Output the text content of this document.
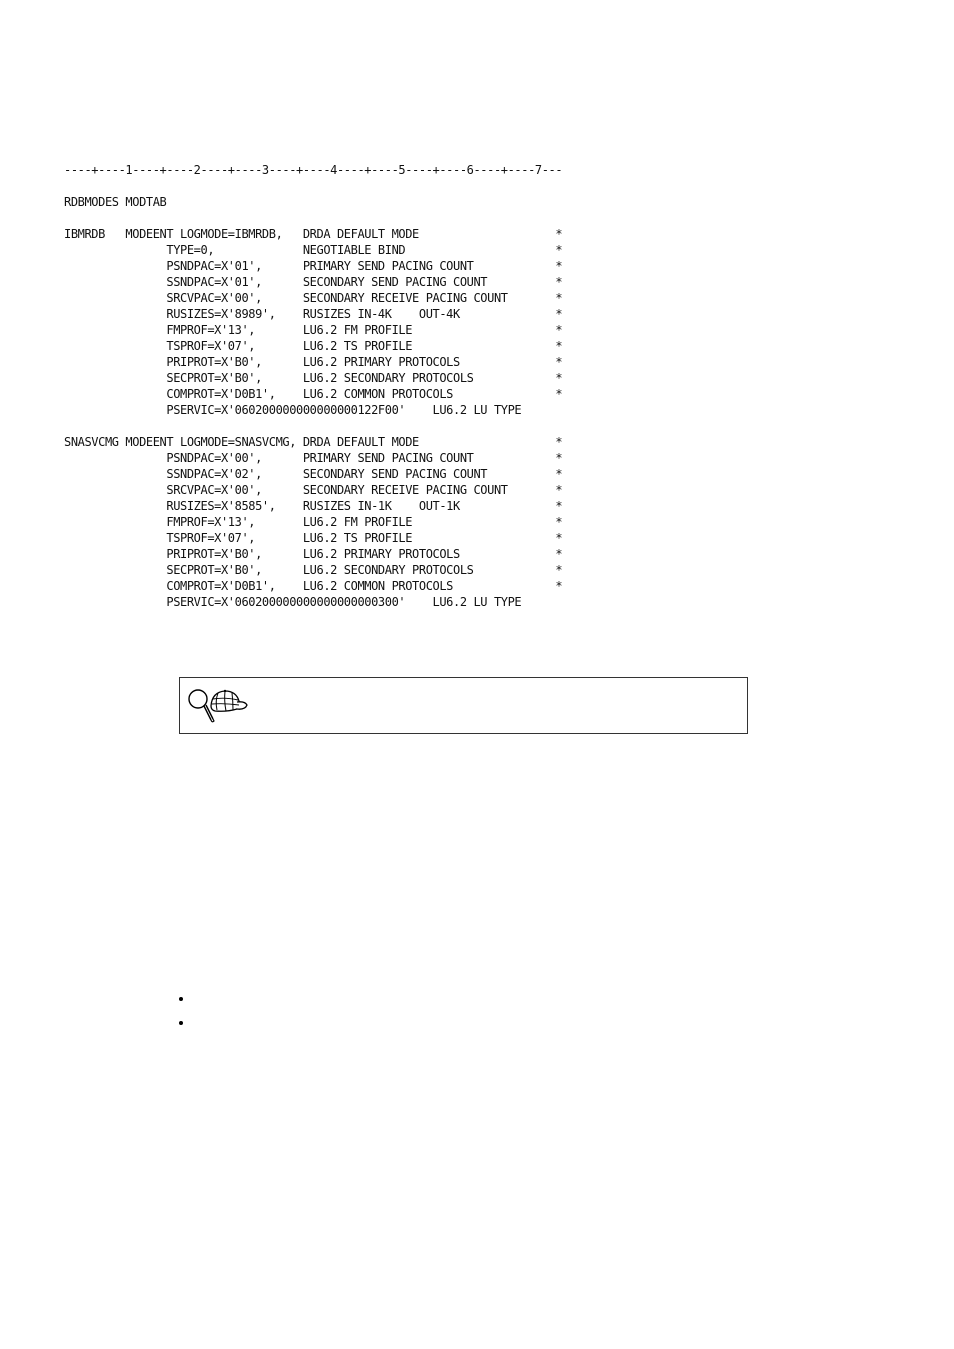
----+----1----+----2----+----3----+----4----+----5----+----6----+----7---
RDBMODES MODTAB
IBMRDB   MODEENT LOGMODE=IBMRDB,   DRDA DEFAULT MODE                    *
TYPE=0,             NEGOTIABLE BIND                      *
PSNDPAC=X'01',      PRIMARY SEND PACING COUNT            *
SSNDPAC=X'01',      SECONDARY SEND PACING COUNT          *
SRCVPAC=X'00',      SECONDARY RECEIVE PACING COUNT       *
RUSIZES=X'8989',    RUSIZES IN-4K    OUT-4K              *
FMPROF=X'13',       LU6.2 FM PROFILE                     *
TSPROF=X'07',       LU6.2 TS PROFILE                     *
PRIPROT=X'B0',      LU6.2 PRIMARY PROTOCOLS              *
SECPROT=X'B0',      LU6.2 SECONDARY PROTOCOLS            *
COMPROT=X'D0B1',    LU6.2 COMMON PROTOCOLS               *
PSERVIC=X'060200000000000000122F00'    LU6.2 LU TYPE
SNASVCMG MODEENT LOGMODE=SNASVCMG, DRDA DEFAULT MODE                    *
PSNDPAC=X'00',      PRIMARY SEND PACING COUNT            *
SSNDPAC=X'02',      SECONDARY SEND PACING COUNT          *
SRCVPAC=X'00',      SECONDARY RECEIVE PACING COUNT       *
RUSIZES=X'8585',    RUSIZES IN-1K    OUT-1K              *
FMPROF=X'13',       LU6.2 FM PROFILE                     *
TSPROF=X'07',       LU6.2 TS PROFILE                     *
PRIPROT=X'B0',      LU6.2 PRIMARY PROTOCOLS              *
SECPROT=X'B0',      LU6.2 SECONDARY PROTOCOLS            *
COMPROT=X'D0B1',    LU6.2 COMMON PROTOCOLS               *
PSERVIC=X'060200000000000000000300'    LU6.2 LU TYPE
